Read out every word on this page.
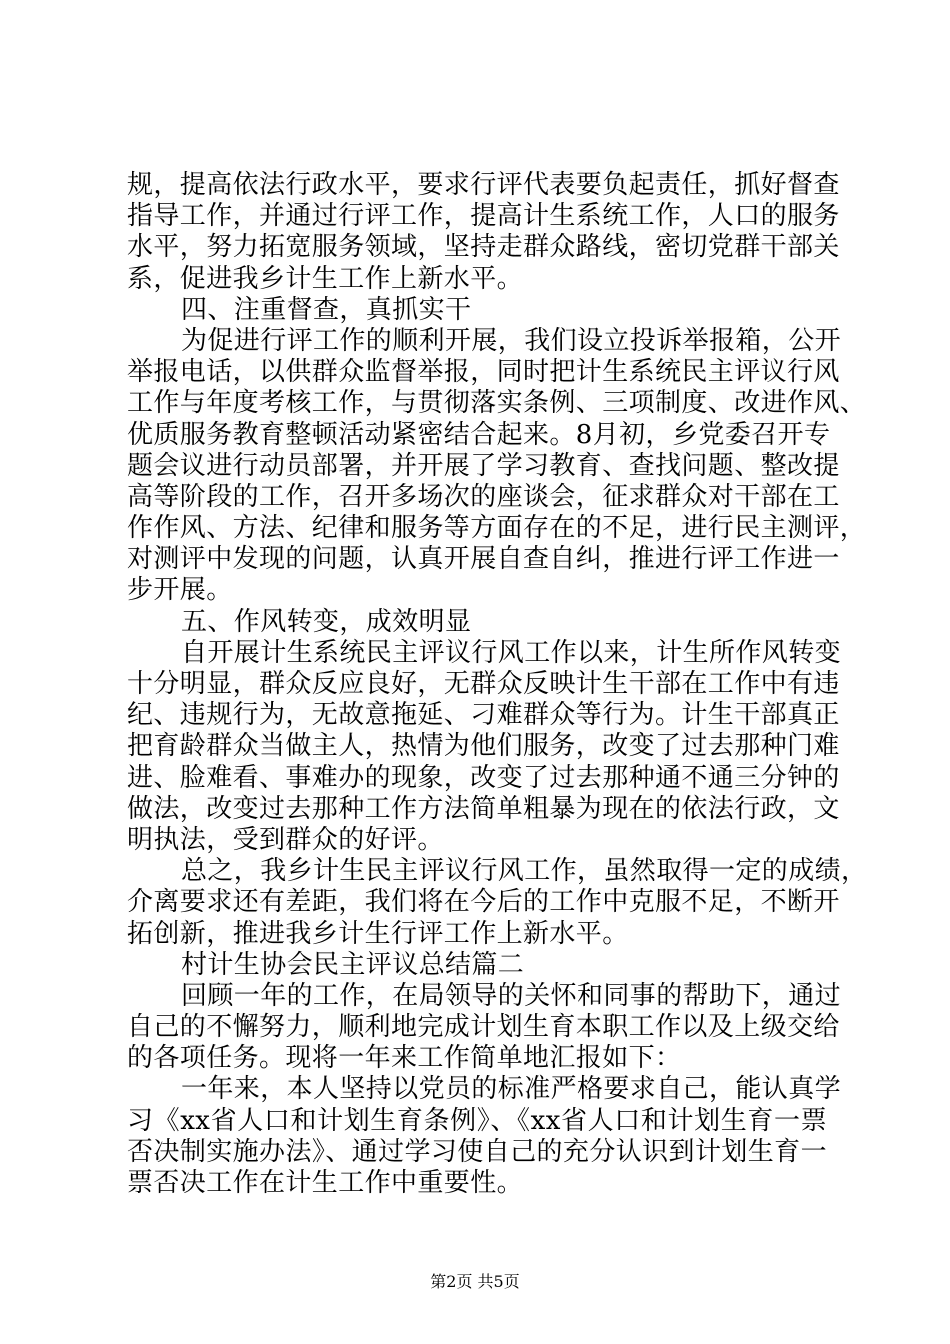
规，提高依法行政水平，要求行评代表要负起责任，抓好督查
指导工作，并通过行评工作，提高计生系统工作，人口的服务
水平，努力拓宽服务领域，坚持走群众路线，密切党群干部关
系，促进我乡计生工作上新水平。
四、注重督查，真抓实干
为促进行评工作的顺利开展，我们设立投诉举报箱，公开
举报电话，以供群众监督举报，同时把计生系统民主评议行风
工作与年度考核工作，与贯彻落实条例、三项制度、改进作风、
优质服务教育整顿活动紧密结合起来。8月初，乡党委召开专
题会议进行动员部署，并开展了学习教育、查找问题、整改提
高等阶段的工作，召开多场次的座谈会，征求群众对干部在工
作作风、方法、纪律和服务等方面存在的不足，进行民主测评，
对测评中发现的问题，认真开展自查自纠，推进行评工作进一
步开展。
五、作风转变，成效明显
自开展计生系统民主评议行风工作以来，计生所作风转变
十分明显，群众反应良好，无群众反映计生干部在工作中有违
纪、违规行为，无故意拖延、刁难群众等行为。计生干部真正
把育龄群众当做主人，热情为他们服务，改变了过去那种门难
进、脸难看、事难办的现象，改变了过去那种通不通三分钟的
做法，改变过去那种工作方法简单粗暴为现在的依法行政，文
明执法，受到群众的好评。
总之，我乡计生民主评议行风工作，虽然取得一定的成绩，
介离要求还有差距，我们将在今后的工作中克服不足，不断开
拓创新，推进我乡计生行评工作上新水平。
村计生协会民主评议总结篇二
回顾一年的工作，在局领导的关怀和同事的帮助下，通过
自己的不懈努力，顺利地完成计划生育本职工作以及上级交给
的各项任务。现将一年来工作简单地汇报如下：
一年来，本人坚持以党员的标准严格要求自己，能认真学
习《xx省人口和计划生育条例》、《xx省人口和计划生育一票
否决制实施办法》、通过学习使自己的充分认识到计划生育一
票否决工作在计生工作中重要性。
第2页 共5页
